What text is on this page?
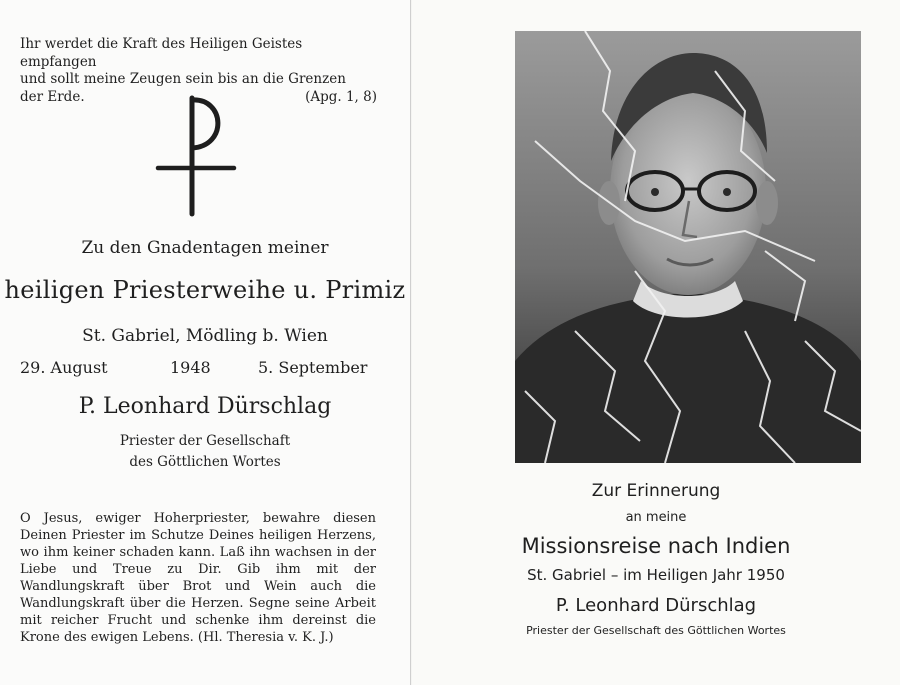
Ihr werdet die Kraft des Heiligen Geistes empfangen
und sollt meine Zeugen sein bis an die Grenzen
der Erde.	(Apg. 1, 8)
Zu den Gnadentagen meiner
heiligen Priesterweihe u. Primiz
St. Gabriel, Mödling b. Wien
29. August	1948	5. September
P. Leonhard Dürschlag
Priester der Gesellschaft
des Göttlichen Wortes
O Jesus, ewiger Hoherpriester, bewahre diesen Deinen Priester im Schutze Deines heiligen Herzens, wo ihm keiner schaden kann. Laß ihn wachsen in der Liebe und Treue zu Dir. Gib ihm mit der Wandlungskraft über Brot und Wein auch die Wandlungskraft über die Herzen. Segne seine Arbeit mit reicher Frucht und schenke ihm dereinst die Krone des ewigen Lebens. (Hl. Theresia v. K. J.)
Zur Erinnerung
an meine
Missionsreise nach Indien
St. Gabriel – im Heiligen Jahr 1950
P. Leonhard Dürschlag
Priester der Gesellschaft des Göttlichen Wortes
